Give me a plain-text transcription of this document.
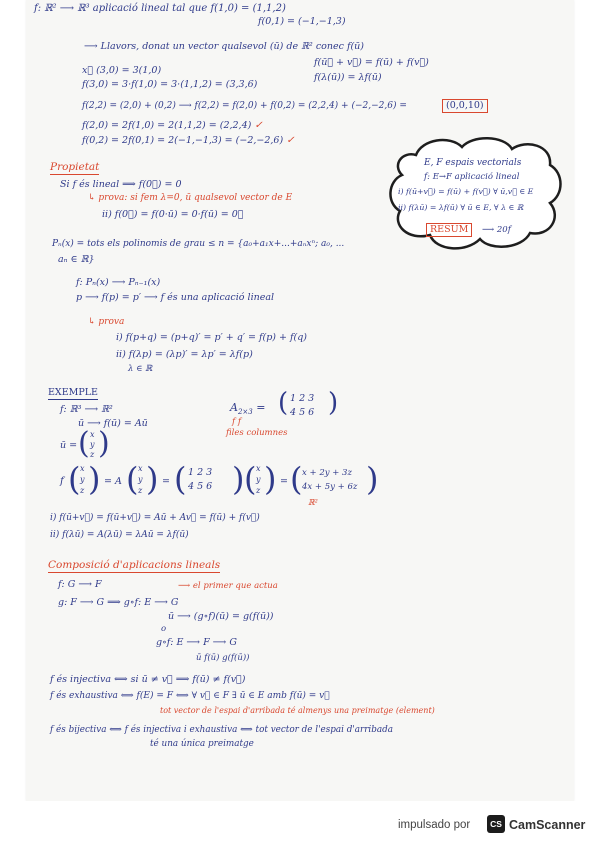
f: ℝ² ⟶ ℝ³ aplicació lineal tal que f(1,0) = (1,1,2)
f(0,1) = (−1,−1,3)
⟶ Llavors, donat un vector qualsevol (ū) de ℝ² conec f(ū)
x⃗ (3,0) = 3(1,0)
f(ū⃗ + v⃗) = f(ū) + f(v⃗)
f(3,0) = 3·f(1,0) = 3·(1,1,2) = (3,3,6)
f(λ(ū)) = λf(ū)
f(2,2) = (2,0) + (0,2) ⟶ f(2,2) = f(2,0) + f(0,2) = (2,2,4) + (−2,−2,6) =	(0,0,10)
f(2,0) = 2f(1,0) = 2(1,1,2) = (2,2,4) ✓
f(0,2) = 2f(0,1) = 2(−1,−1,3) = (−2,−2,6) ✓
E, F espais vectorials
f: E→F aplicació lineal
i) f(ū+v⃗) = f(ū) + f(v⃗) ∀ ū,v⃗ ∈ E
ii) f(λū) = λf(ū) ∀ ū ∈ E, ∀ λ ∈ ℝ
RESUM	⟶ 20f
Propietat
Si f és lineal ⟹ f(0⃗) = 0
↳ prova: si fem λ=0, ū qualsevol vector de E
ii) f(0⃗) = f(0·ū) = 0·f(ū) = 0⃗
Pₙ(x) = tots els polinomis de grau ≤ n = {a₀+a₁x+...+aₙxⁿ; a₀, ...
aₙ ∈ ℝ}
f: Pₙ(x) ⟶ Pₙ₋₁(x)
p ⟶ f(p) = p′ ⟶ f és una aplicació lineal
↳ prova
i) f(p+q) = (p+q)′ = p′ + q′ = f(p) + f(q)
ii) f(λp) = (λp)′ = λp′ = λf(p)
λ ∈ ℝ
EXEMPLE
f: ℝ³ ⟶ ℝ²
ū ⟶ f(ū) = Aū
$A_{2\times 3}$ = ( 1 2 3
4 5 6 )
f f
files columnes
ū = ( x
y
z )
f ( x
y
z ) = A ( x
y
z ) = ( 1 2 3
4 5 6 ) ( x
y
z ) = ( x + 2y + 3z
4x + 5y + 6z )
ℝ²
i) f(ū+v⃗) = f(ū+v⃗) = Aū + Av⃗ = f(ū) + f(v⃗)
ii) f(λū) = A(λū) = λAū = λf(ū)
Composició d'aplicacions lineals
f: G ⟶ F
g: F ⟶ G ⟹ g∘f: E ⟶ G
⟶ el primer que actua
ū ⟶ (g∘f)(ū) = g(f(ū))
o
g∘f: E ⟶ F ⟶ G
ū f(ū) g(f(ū))
f és injectiva ⟺ si ū ≠ v⃗ ⟹ f(ū) ≠ f(v⃗)
f és exhaustiva ⟺ f(E) = F ⟺ ∀ v⃗ ∈ F ∃ ū ∈ E amb f(ū) = v⃗
tot vector de l'espai d'arribada té almenys una preimatge (element)
f és bijectiva ⟺ f és injectiva i exhaustiva ⟺ tot vector de l'espai d'arribada
té una única preimatge
impulsado por	CS CamScanner
